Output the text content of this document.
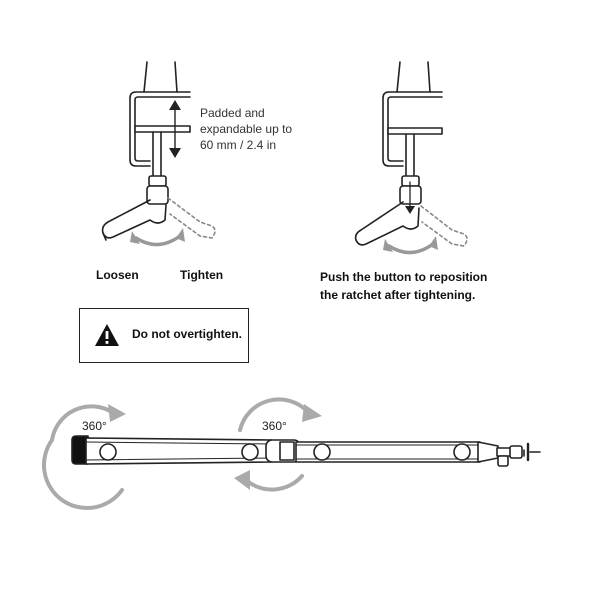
Padded and
expandable up to
60 mm / 2.4 in
Loosen	Tighten	Push the button to reposition
the ratchet after tightening.
Do not overtighten.
360°	360°
